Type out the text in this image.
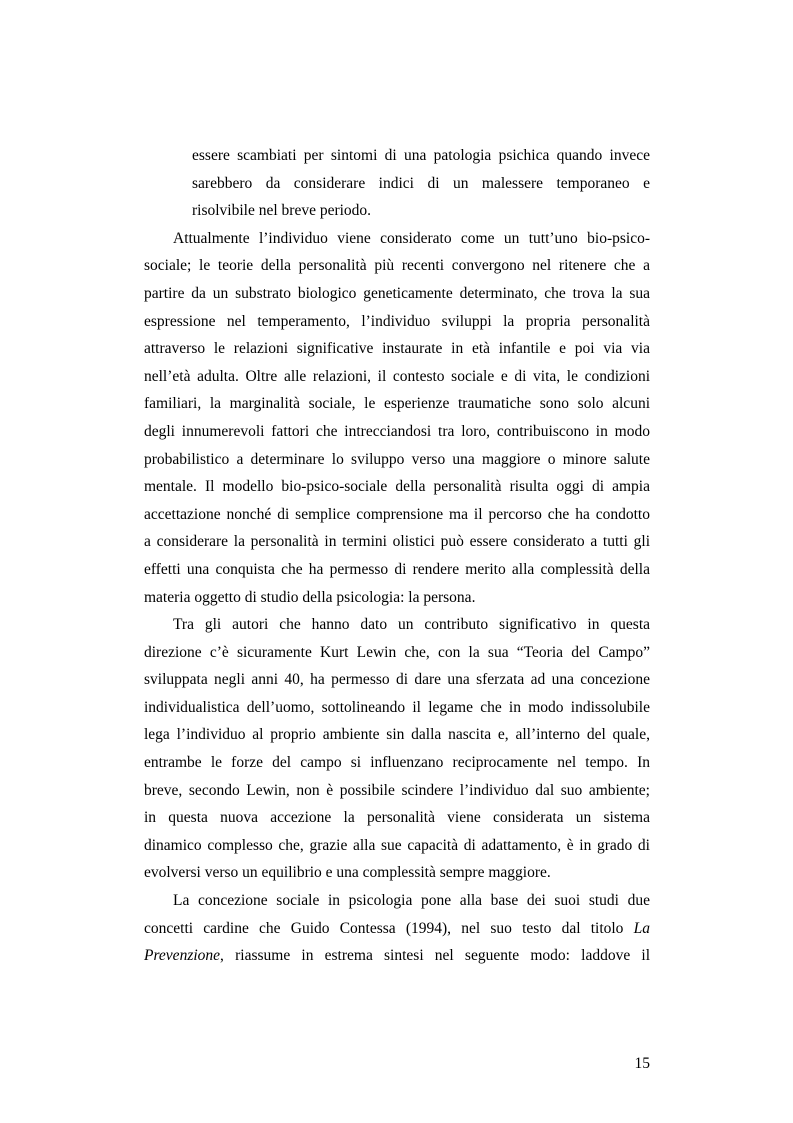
essere scambiati per sintomi di una patologia psichica quando invece
sarebbero da considerare indici di un malessere temporaneo e
risolvibile nel breve periodo.
Attualmente l’individuo viene considerato come un tutt’uno bio-psico-
sociale; le teorie della personalità più recenti convergono nel ritenere che a
partire da un substrato biologico geneticamente determinato, che trova la sua
espressione nel temperamento, l’individuo sviluppi la propria personalità
attraverso le relazioni significative instaurate in età infantile e poi via via
nell’età adulta. Oltre alle relazioni, il contesto sociale e di vita, le condizioni
familiari, la marginalità sociale, le esperienze traumatiche sono solo alcuni
degli innumerevoli fattori che intrecciandosi tra loro, contribuiscono in modo
probabilistico a determinare lo sviluppo verso una maggiore o minore salute
mentale. Il modello bio-psico-sociale della personalità risulta oggi di ampia
accettazione nonché di semplice comprensione ma il percorso che ha condotto
a considerare la personalità in termini olistici può essere considerato a tutti gli
effetti una conquista che ha permesso di rendere merito alla complessità della
materia oggetto di studio della psicologia: la persona.
Tra gli autori che hanno dato un contributo significativo in questa
direzione c’è sicuramente Kurt Lewin che, con la sua “Teoria del Campo”
sviluppata negli anni 40, ha permesso di dare una sferzata ad una concezione
individualistica dell’uomo, sottolineando il legame che in modo indissolubile
lega l’individuo al proprio ambiente sin dalla nascita e, all’interno del quale,
entrambe le forze del campo si influenzano reciprocamente nel tempo. In
breve, secondo Lewin, non è possibile scindere l’individuo dal suo ambiente;
in questa nuova accezione la personalità viene considerata un sistema
dinamico complesso che, grazie alla sue capacità di adattamento, è in grado di
evolversi verso un equilibrio e una complessità sempre maggiore.
La concezione sociale in psicologia pone alla base dei suoi studi due
concetti cardine che Guido Contessa (1994), nel suo testo dal titolo La
Prevenzione, riassume in estrema sintesi nel seguente modo: laddove il
15
